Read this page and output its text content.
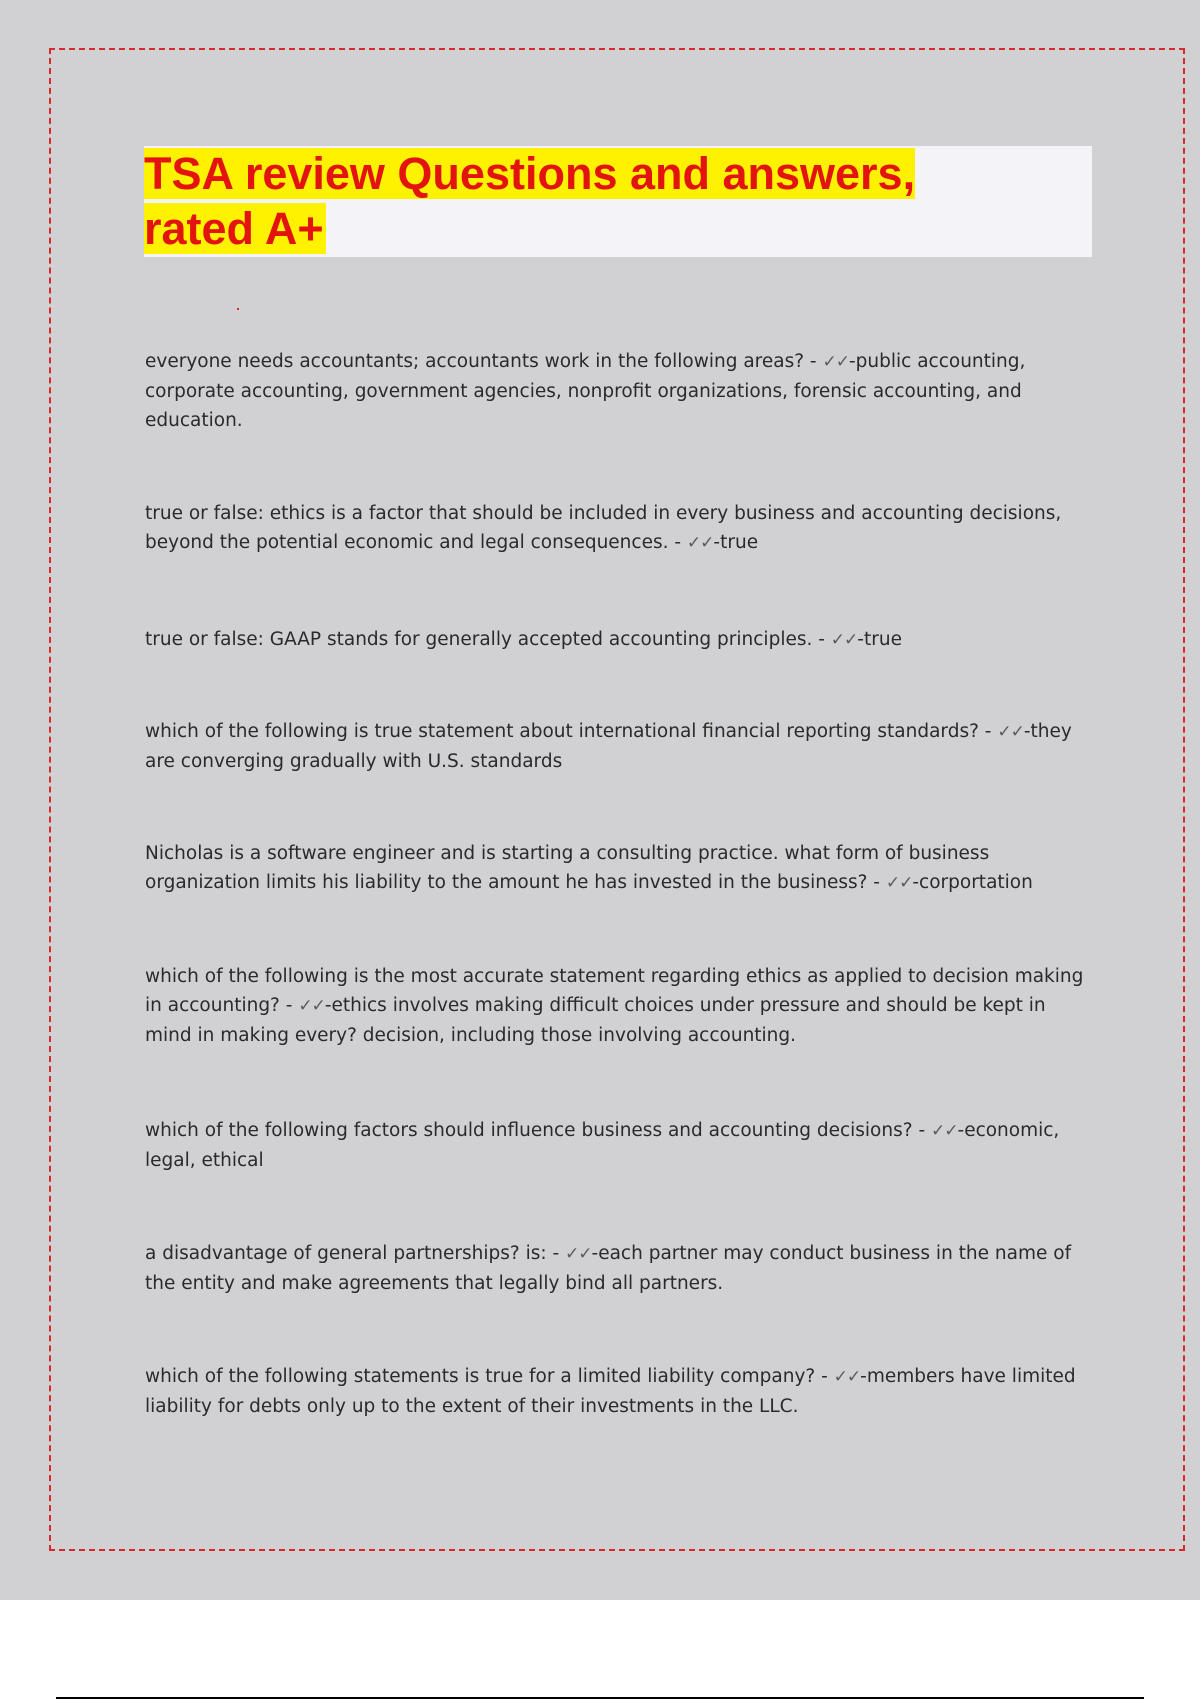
TSA review Questions and answers, rated A+

everyone needs accountants; accountants work in the following areas? - ✓✓-public accounting, corporate accounting, government agencies, nonprofit organizations, forensic accounting, and education.

true or false: ethics is a factor that should be included in every business and accounting decisions, beyond the potential economic and legal consequences. - ✓✓-true

true or false: GAAP stands for generally accepted accounting principles. - ✓✓-true

which of the following is true statement about international financial reporting standards? - ✓✓-they are converging gradually with U.S. standards

Nicholas is a software engineer and is starting a consulting practice. what form of business organization limits his liability to the amount he has invested in the business? - ✓✓-corportation

which of the following is the most accurate statement regarding ethics as applied to decision making in accounting? - ✓✓-ethics involves making difficult choices under pressure and should be kept in mind in making every? decision, including those involving accounting.

which of the following factors should influence business and accounting decisions? - ✓✓-economic, legal, ethical

a disadvantage of general partnerships? is: - ✓✓-each partner may conduct business in the name of the entity and make agreements that legally bind all partners.

which of the following statements is true for a limited liability company? - ✓✓-members have limited liability for debts only up to the extent of their investments in the LLC.
